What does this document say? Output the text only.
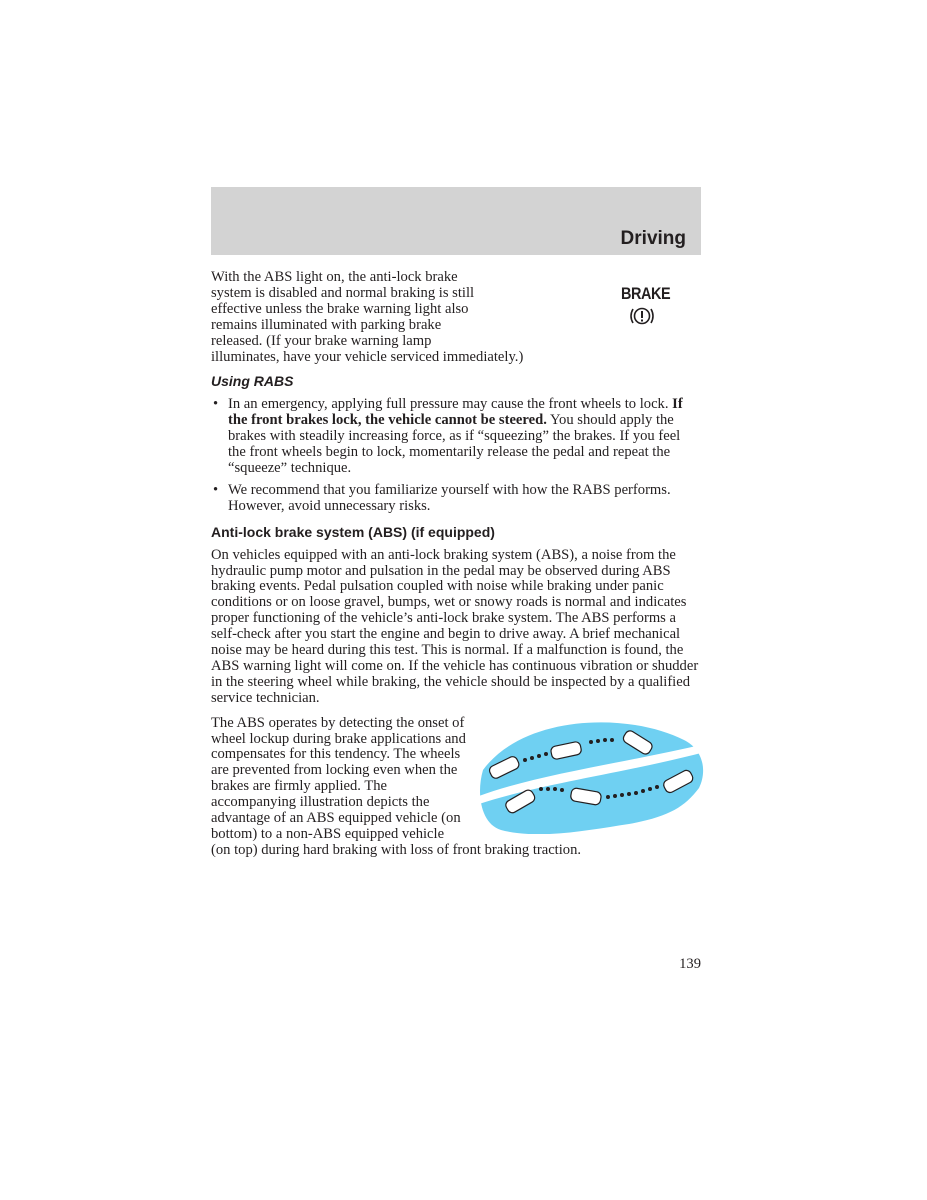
Driving
BRAKE

With the ABS light on, the anti-lock brake system is disabled and normal braking is still effective unless the brake warning light also remains illuminated with parking brake released. (If your brake warning lamp illuminates, have your vehicle serviced immediately.)

Using RABS
• In an emergency, applying full pressure may cause the front wheels to lock. If the front brakes lock, the vehicle cannot be steered. You should apply the brakes with steadily increasing force, as if “squeezing” the brakes. If you feel the front wheels begin to lock, momentarily release the pedal and repeat the “squeeze” technique.
• We recommend that you familiarize yourself with how the RABS performs. However, avoid unnecessary risks.
Anti-lock brake system (ABS) (if equipped)

On vehicles equipped with an anti-lock braking system (ABS), a noise from the hydraulic pump motor and pulsation in the pedal may be observed during ABS braking events. Pedal pulsation coupled with noise while braking under panic conditions or on loose gravel, bumps, wet or snowy roads is normal and indicates proper functioning of the vehicle’s anti-lock brake system. The ABS performs a self-check after you start the engine and begin to drive away. A brief mechanical noise may be heard during this test. This is normal. If a malfunction is found, the ABS warning light will come on. If the vehicle has continuous vibration or shudder in the steering wheel while braking, the vehicle should be inspected by a qualified service technician.

The ABS operates by detecting the onset of wheel lockup during brake applications and compensates for this tendency. The wheels are prevented from locking even when the brakes are firmly applied. The accompanying illustration depicts the advantage of an ABS equipped vehicle (on bottom) to a non-ABS equipped vehicle (on top) during hard braking with loss of front braking traction.

139
